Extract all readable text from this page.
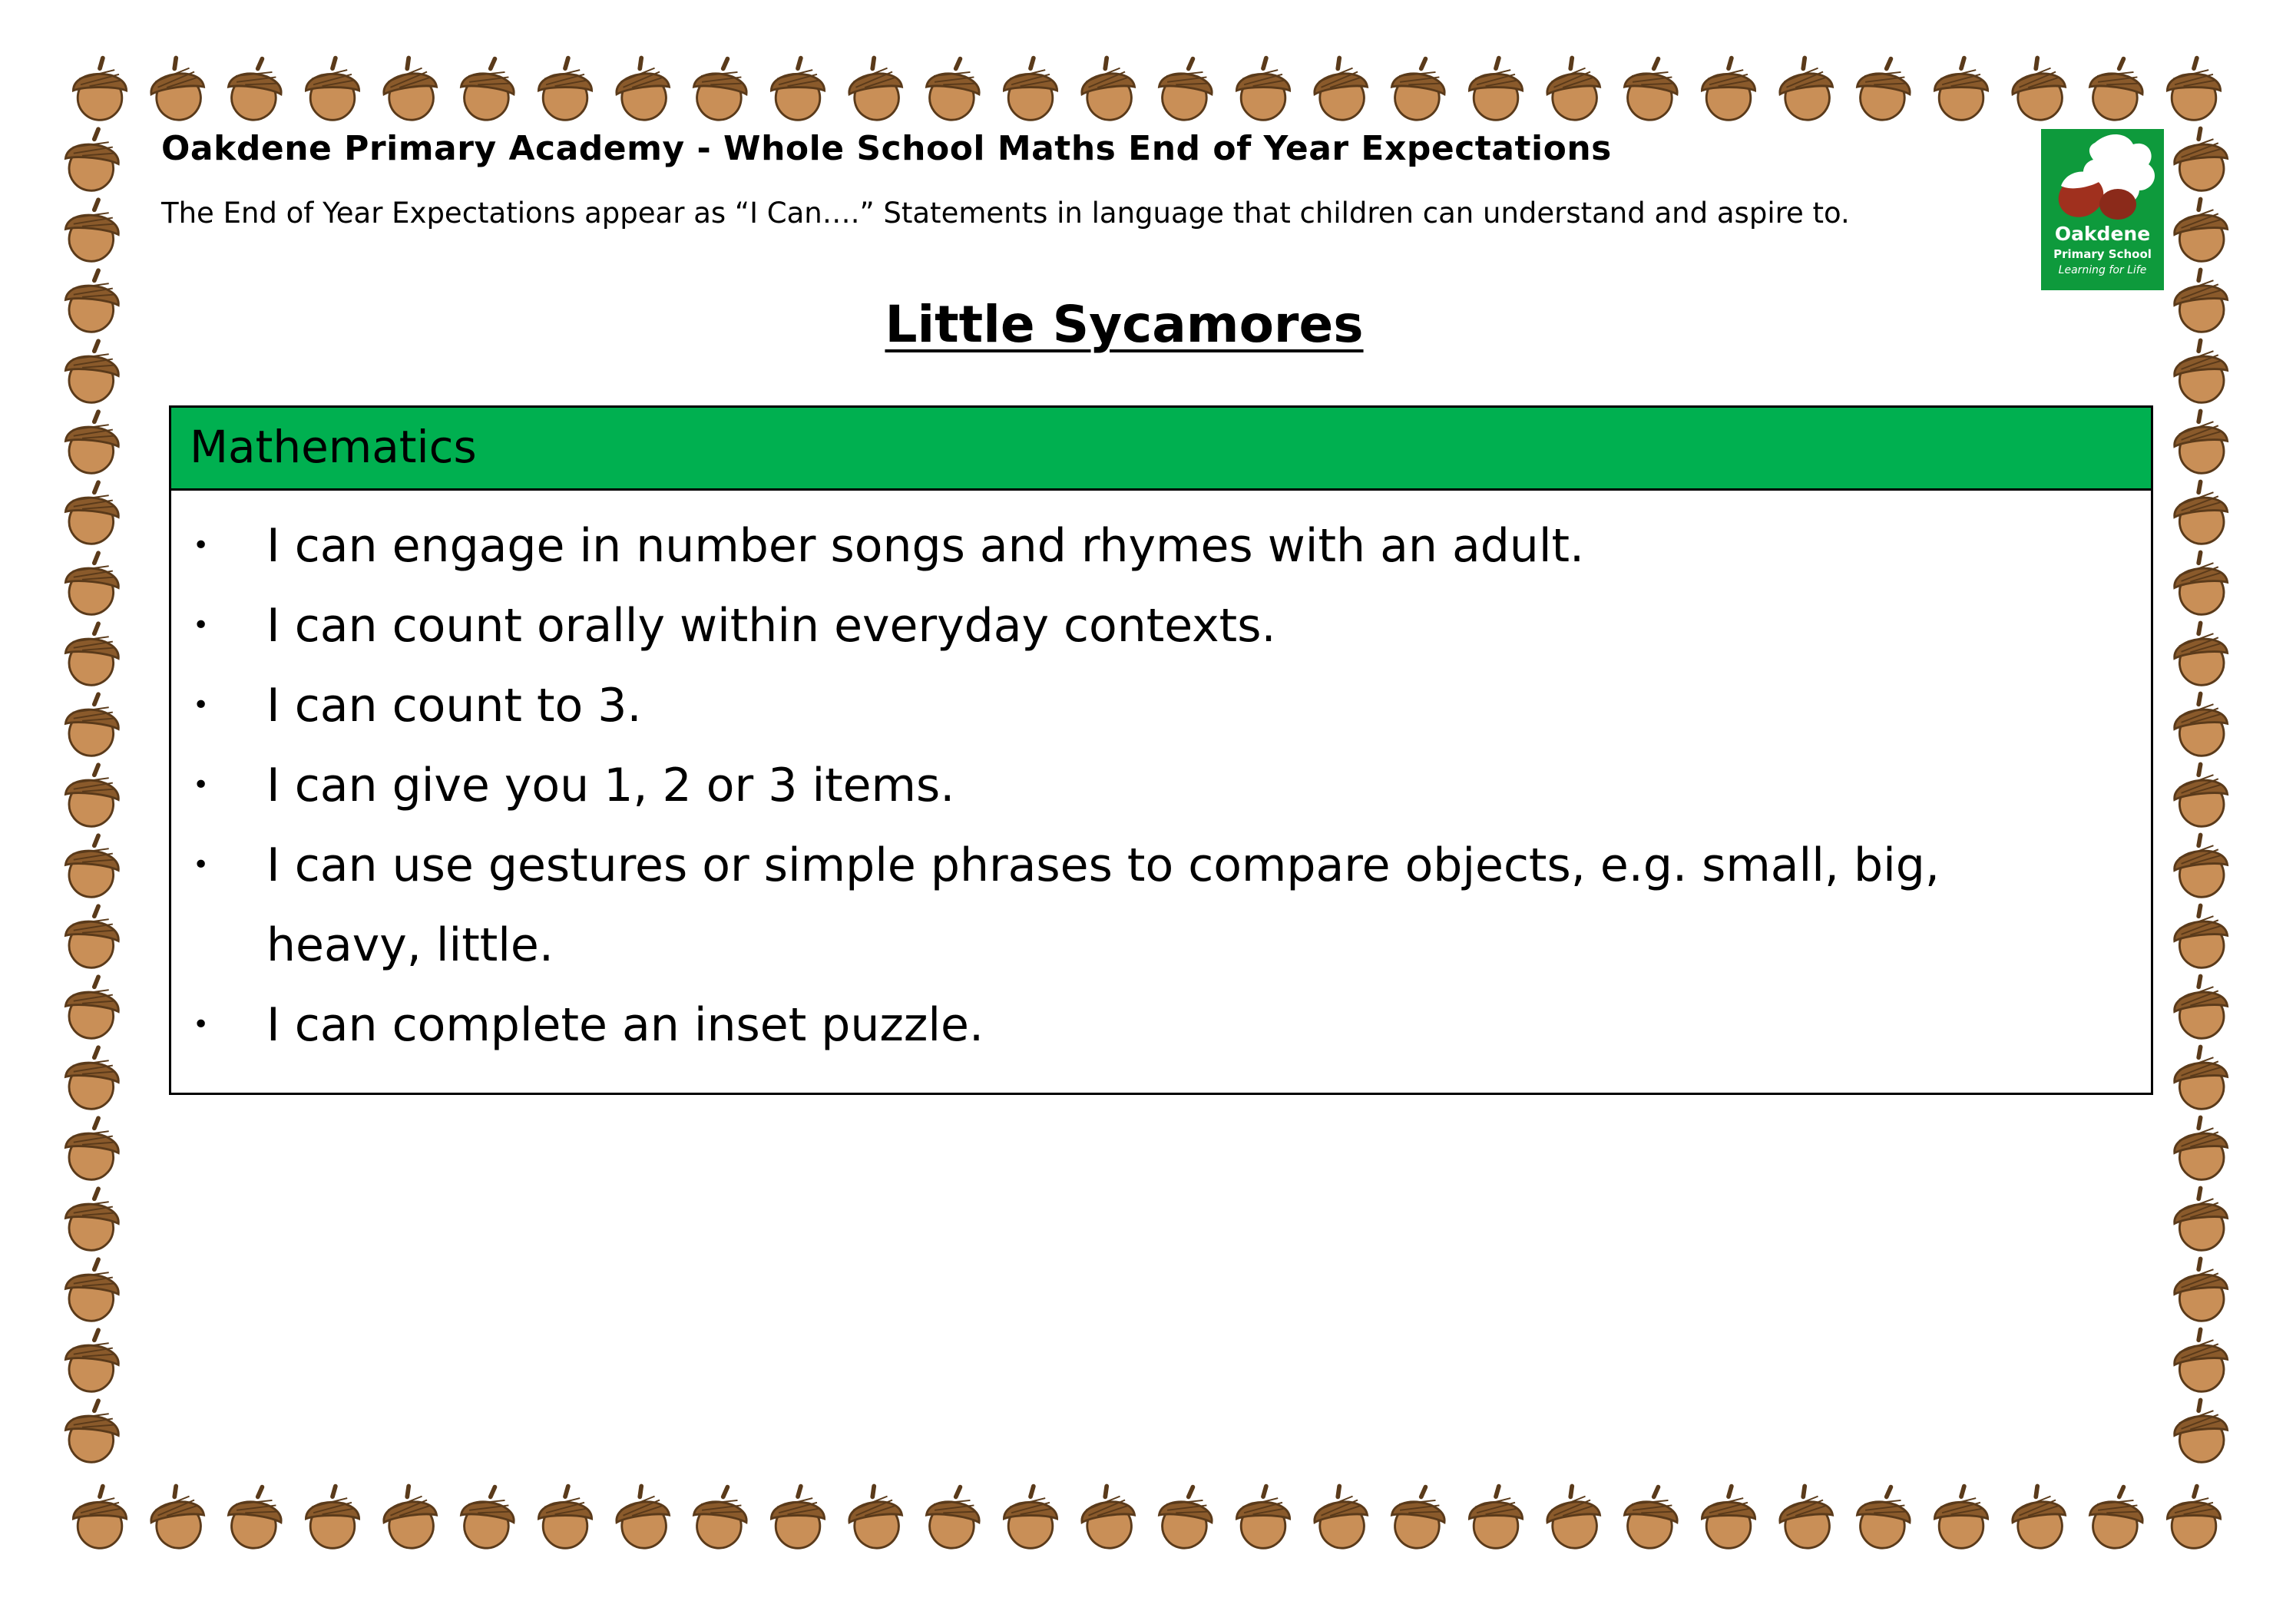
Oakdene Primary Academy - Whole School Maths End of Year Expectations
The End of Year Expectations appear as “I Can….” Statements in language that children can understand and aspire to.
Oakdene
Primary School
Learning for Life
Little Sycamores
Mathematics
• I can engage in number songs and rhymes with an adult.
• I can count orally within everyday contexts.
• I can count to 3.
• I can give you 1, 2 or 3 items.
• I can use gestures or simple phrases to compare objects, e.g. small, big, heavy, little.
• I can complete an inset puzzle.
